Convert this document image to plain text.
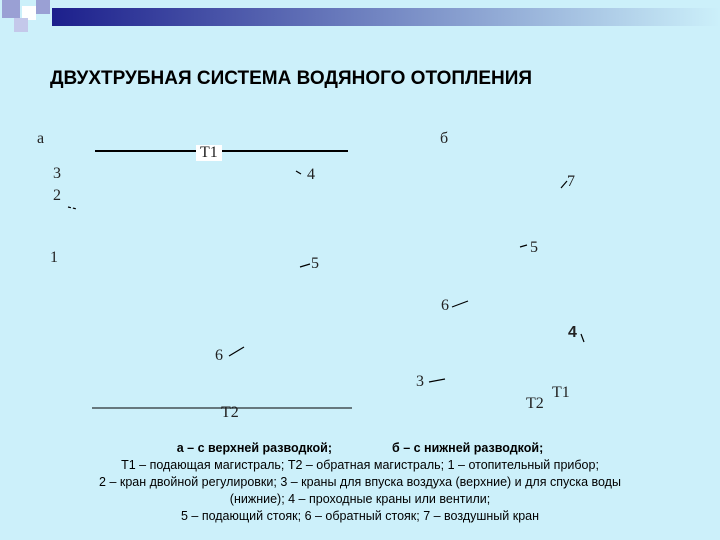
ДВУХТРУБНАЯ СИСТЕМА ВОДЯНОГО ОТОПЛЕНИЯ
а
Т1
3
2
1
4
5
6
Т2
б
7
5
6
4
3
Т2
Т1
а – с верхней разводкой;	б – с нижней разводкой;
Т1 – подающая магистраль; Т2 – обратная магистраль; 1 – отопительный прибор;
2 – кран двойной регулировки; 3 – краны для впуска воздуха (верхние) и для спуска воды
(нижние); 4 – проходные краны или вентили;
5 – подающий стояк; 6 – обратный стояк; 7 – воздушный кран
